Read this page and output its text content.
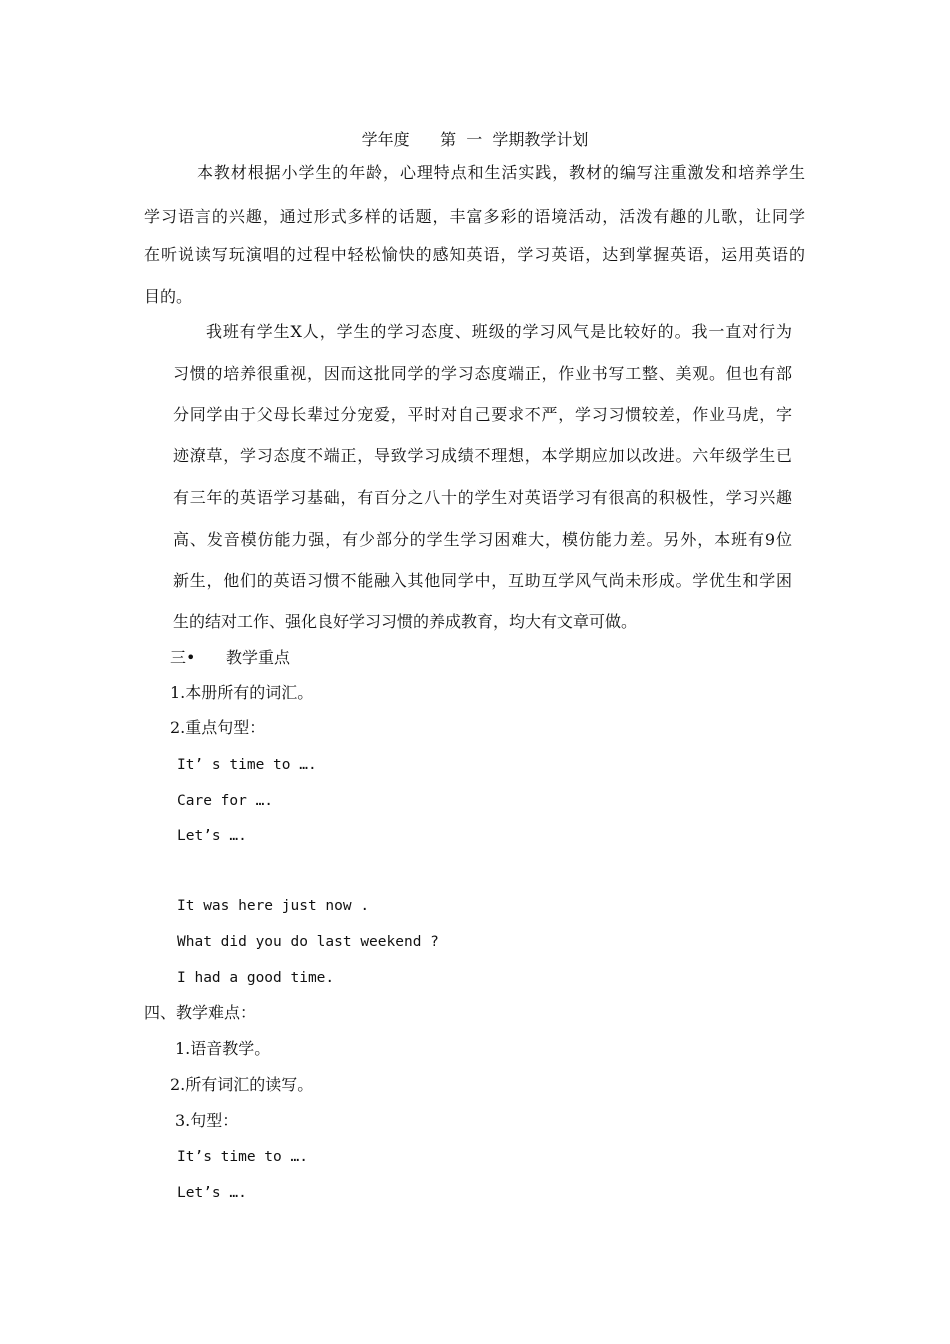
学年度      第  一  学期教学计划
本教材根据小学生的年龄，心理特点和生活实践，教材的编写注重激发和培养学生
学习语言的兴趣，通过形式多样的话题，丰富多彩的语境活动，活泼有趣的儿歌，让同学
在听说读写玩演唱的过程中轻松愉快的感知英语，学习英语，达到掌握英语，运用英语的
目的。
我班有学生Ⅹ人，学生的学习态度、班级的学习风气是比较好的。我一直对行为
习惯的培养很重视，因而这批同学的学习态度端正，作业书写工整、美观。但也有部
分同学由于父母长辈过分宠爱，平时对自己要求不严，学习习惯较差，作业马虎，字
迹潦草，学习态度不端正，导致学习成绩不理想，本学期应加以改进。六年级学生已
有三年的英语学习基础，有百分之八十的学生对英语学习有很高的积极性，学习兴趣
高、发音模仿能力强，有少部分的学生学习困难大，模仿能力差。另外，本班有9位
新生，他们的英语习惯不能融入其他同学中，互助互学风气尚未形成。学优生和学困
生的结对工作、强化良好学习习惯的养成教育，均大有文章可做。
三•      教学重点
1.本册所有的词汇。
2.重点句型：
It’ s time to ….
Care for ….
Let’s ….
It was here just now .
What did you do last weekend ?
I had a good time.
四、教学难点：
1.语音教学。
2.所有词汇的读写。
3.句型：
It’s time to ….
Let’s ….
